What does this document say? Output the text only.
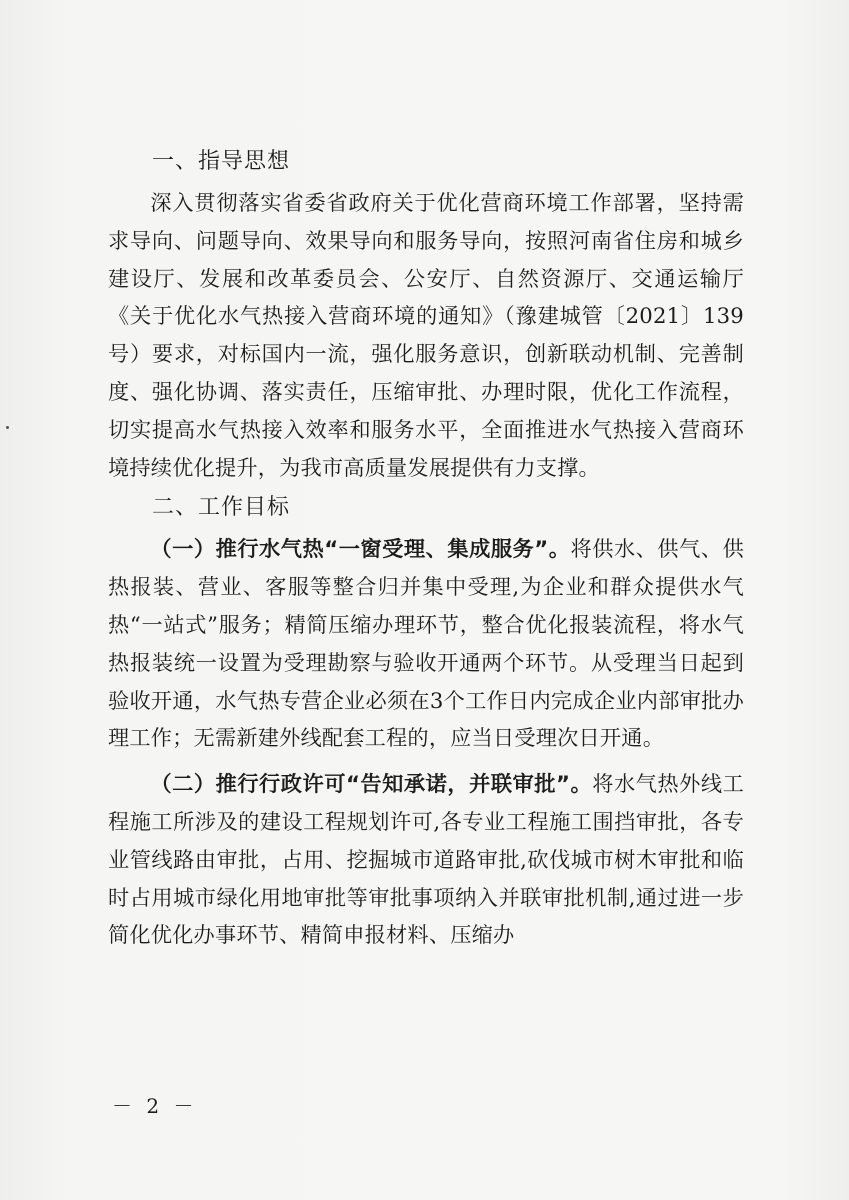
一、指导思想

深入贯彻落实省委省政府关于优化营商环境工作部署，坚持需求导向、问题导向、效果导向和服务导向，按照河南省住房和城乡建设厅、发展和改革委员会、公安厅、自然资源厅、交通运输厅《关于优化水气热接入营商环境的通知》（豫建城管〔2021〕139号）要求，对标国内一流，强化服务意识，创新联动机制、完善制度、强化协调、落实责任，压缩审批、办理时限，优化工作流程，切实提高水气热接入效率和服务水平，全面推进水气热接入营商环境持续优化提升，为我市高质量发展提供有力支撑。

二、工作目标

（一）推行水气热“一窗受理、集成服务”。将供水、供气、供热报装、营业、客服等整合归并集中受理,为企业和群众提供水气热“一站式”服务；精简压缩办理环节，整合优化报装流程，将水气热报装统一设置为受理勘察与验收开通两个环节。从受理当日起到验收开通，水气热专营企业必须在3个工作日内完成企业内部审批办理工作；无需新建外线配套工程的，应当日受理次日开通。

（二）推行行政许可“告知承诺，并联审批”。将水气热外线工程施工所涉及的建设工程规划许可,各专业工程施工围挡审批，各专业管线路由审批，占用、挖掘城市道路审批,砍伐城市树木审批和临时占用城市绿化用地审批等审批事项纳入并联审批机制,通过进一步简化优化办事环节、精简申报材料、压缩办

－ 2 －
